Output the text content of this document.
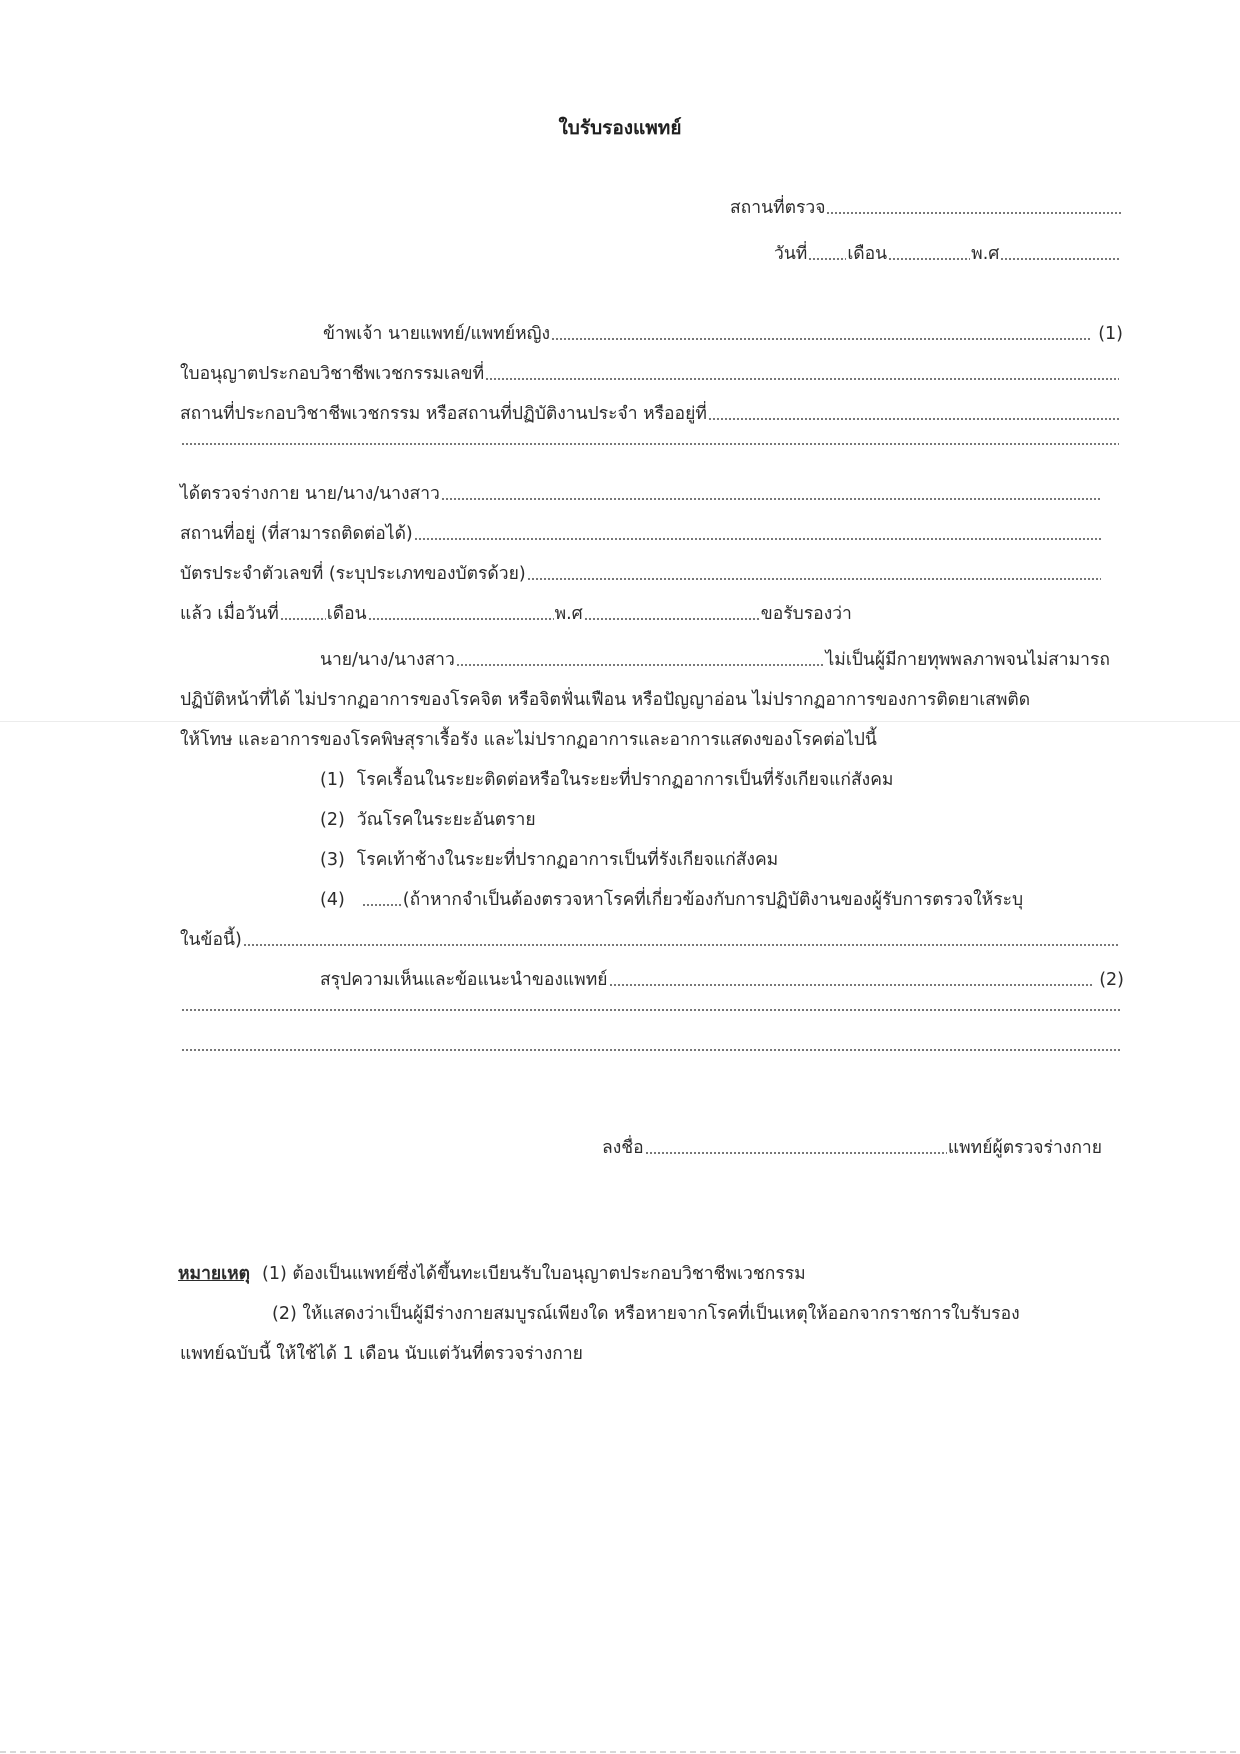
ใบรับรองแพทย์
สถานที่ตรวจ
วันที่ เดือน	พ.ศ
ข้าพเจ้า นายแพทย์/แพทย์หญิง	(1)
ใบอนุญาตประกอบวิชาชีพเวชกรรมเลขที่
สถานที่ประกอบวิชาชีพเวชกรรม หรือสถานที่ปฏิบัติงานประจำ หรืออยู่ที่
ได้ตรวจร่างกาย นาย/นาง/นางสาว
สถานที่อยู่ (ที่สามารถติดต่อได้)
บัตรประจำตัวเลขที่ (ระบุประเภทของบัตรด้วย)
แล้ว เมื่อวันที่	เดือน	พ.ศ	ขอรับรองว่า
นาย/นาง/นางสาว	ไม่เป็นผู้มีกายทุพพลภาพจนไม่สามารถ
ปฏิบัติหน้าที่ได้ ไม่ปรากฏอาการของโรคจิต หรือจิตฟั่นเฟือน หรือปัญญาอ่อน ไม่ปรากฏอาการของการติดยาเสพติด
ให้โทษ และอาการของโรคพิษสุราเรื้อรัง และไม่ปรากฏอาการและอาการแสดงของโรคต่อไปนี้
(1) โรคเรื้อนในระยะติดต่อหรือในระยะที่ปรากฏอาการเป็นที่รังเกียจแก่สังคม
(2) วัณโรคในระยะอันตราย
(3) โรคเท้าช้างในระยะที่ปรากฏอาการเป็นที่รังเกียจแก่สังคม
(4)	(ถ้าหากจำเป็นต้องตรวจหาโรคที่เกี่ยวข้องกับการปฏิบัติงานของผู้รับการตรวจให้ระบุ
ในข้อนี้)
สรุปความเห็นและข้อแนะนำของแพทย์	(2)
ลงชื่อ	แพทย์ผู้ตรวจร่างกาย
หมายเหตุ (1) ต้องเป็นแพทย์ซึ่งได้ขึ้นทะเบียนรับใบอนุญาตประกอบวิชาชีพเวชกรรม
(2) ให้แสดงว่าเป็นผู้มีร่างกายสมบูรณ์เพียงใด หรือหายจากโรคที่เป็นเหตุให้ออกจากราชการใบรับรอง
แพทย์ฉบับนี้ ให้ใช้ได้ 1 เดือน นับแต่วันที่ตรวจร่างกาย
